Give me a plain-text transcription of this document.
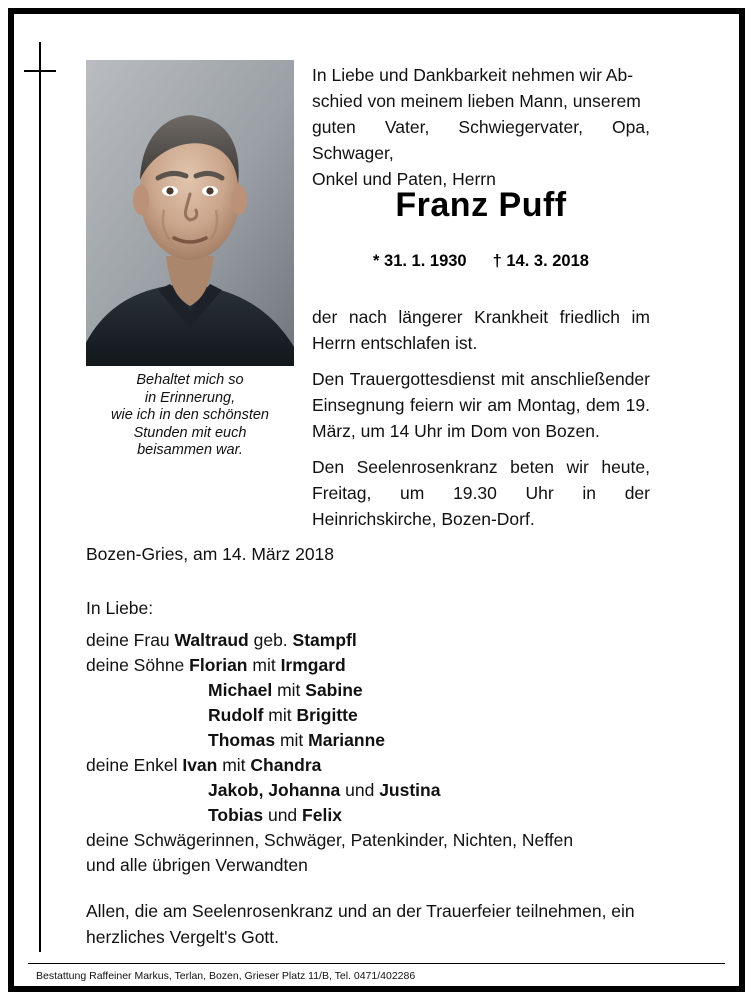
Behaltet mich so
in Erinnerung,
wie ich in den schönsten
Stunden mit euch
beisammen war.

In Liebe und Dankbarkeit nehmen wir Ab-

schied von meinem lieben Mann, unserem

guten Vater, Schwiegervater, Opa, Schwager,

Onkel und Paten, Herrn

Franz Puff
* 31. 1. 1930 † 14. 3. 2018

der nach längerer Krankheit friedlich im Herrn entschlafen ist.

Den Trauergottesdienst mit anschließender Einsegnung feiern wir am Montag, dem 19. März, um 14 Uhr im Dom von Bozen.

Den Seelenrosenkranz beten wir heute, Freitag, um 19.30 Uhr in der Heinrichskirche, Bozen-Dorf.

Bozen-Gries, am 14. März 2018
In Liebe:
deine Frau Waltraud geb. Stampfl
deine Söhne Florian mit Irmgard
Michael mit Sabine
Rudolf mit Brigitte
Thomas mit Marianne
deine Enkel Ivan mit Chandra
Jakob, Johanna und Justina
Tobias und Felix
deine Schwägerinnen, Schwäger, Patenkinder, Nichten, Neffen
und alle übrigen Verwandten
Allen, die am Seelenrosenkranz und an der Trauerfeier teilnehmen, ein herzliches Vergelt's Gott.
Bestattung Raffeiner Markus, Terlan, Bozen, Grieser Platz 11/B, Tel. 0471/402286
